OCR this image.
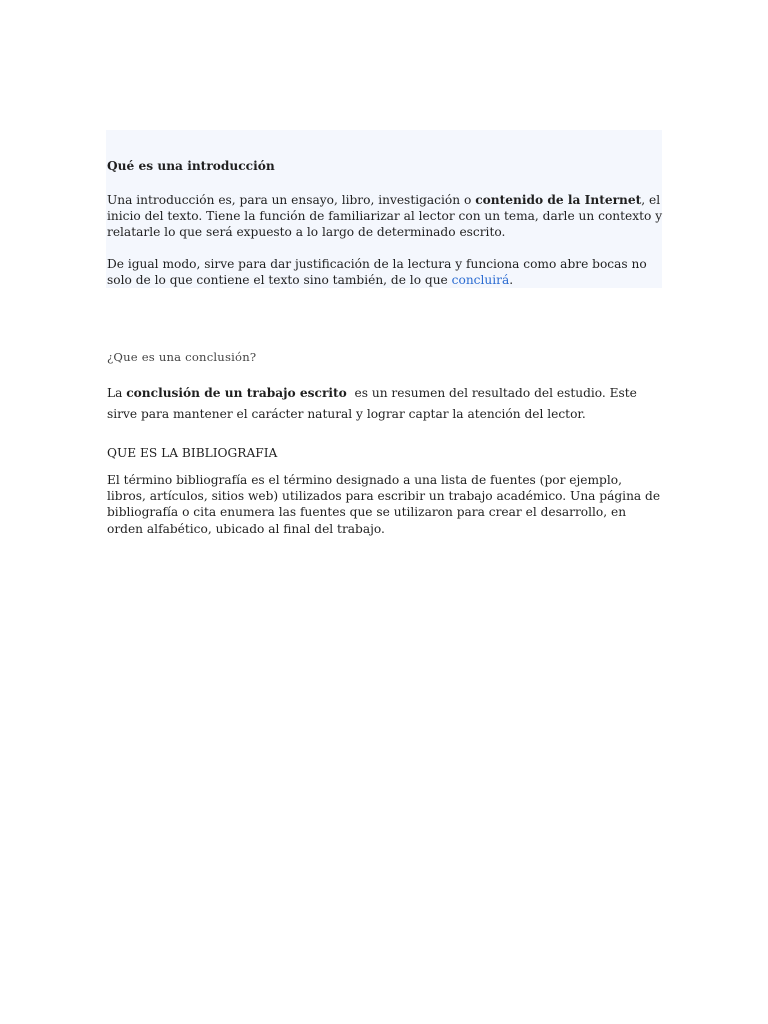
Qué es una introducción

Una introducción es, para un ensayo, libro, investigación o contenido de la Internet, el inicio del texto. Tiene la función de familiarizar al lector con un tema, darle un contexto y relatarle lo que será expuesto a lo largo de determinado escrito.

De igual modo, sirve para dar justificación de la lectura y funciona como abre bocas no solo de lo que contiene el texto sino también, de lo que concluirá.

¿Que es una conclusión?

La conclusión de un trabajo escrito  es un resumen del resultado del estudio. Este sirve para mantener el carácter natural y lograr captar la atención del lector.

QUE ES LA BIBLIOGRAFIA

El término bibliografía es el término designado a una lista de fuentes (por ejemplo, libros, artículos, sitios web) utilizados para escribir un trabajo académico. Una página de bibliografía o cita enumera las fuentes que se utilizaron para crear el desarrollo, en orden alfabético, ubicado al final del trabajo.
